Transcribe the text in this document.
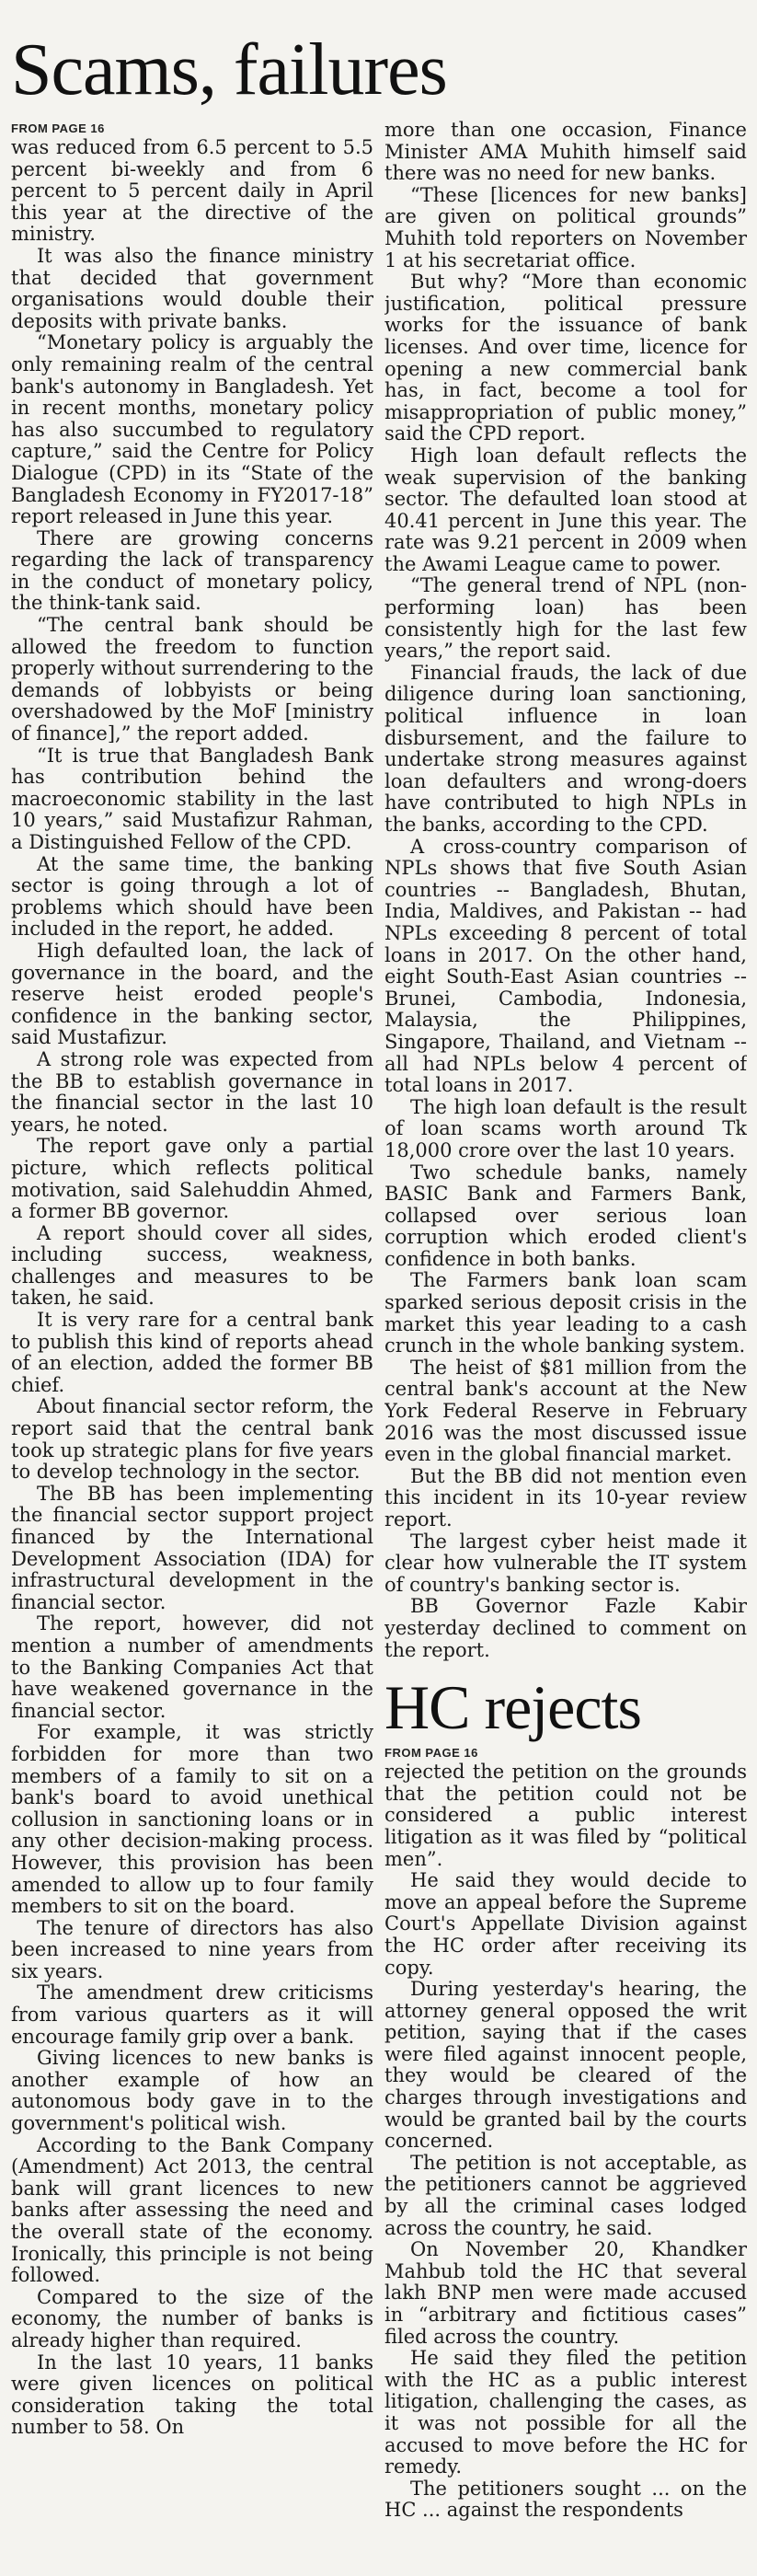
Scams, failures
FROM PAGE 16

was reduced from 6.5 percent to 5.5 percent bi-weekly and from 6 percent to 5 percent daily in April this year at the directive of the ministry.

It was also the finance ministry that decided that government organisations would double their deposits with private banks.

“Monetary policy is arguably the only remaining realm of the central bank's autonomy in Bangladesh. Yet in recent months, monetary policy has also succumbed to regulatory capture,” said the Centre for Policy Dialogue (CPD) in its “State of the Bangladesh Economy in FY2017-18” report released in June this year.

There are growing concerns regarding the lack of transparency in the conduct of monetary policy, the think-tank said.

“The central bank should be allowed the freedom to function properly without surrendering to the demands of lobbyists or being overshadowed by the MoF [ministry of finance],” the report added.

“It is true that Bangladesh Bank has contribution behind the macroeconomic stability in the last 10 years,” said Mustafizur Rahman, a Distinguished Fellow of the CPD.

At the same time, the banking sector is going through a lot of problems which should have been included in the report, he added.

High defaulted loan, the lack of governance in the board, and the reserve heist eroded people's confidence in the banking sector, said Mustafizur.

A strong role was expected from the BB to establish governance in the financial sector in the last 10 years, he noted.

The report gave only a partial picture, which reflects political motivation, said Salehuddin Ahmed, a former BB governor.

A report should cover all sides, including success, weakness, challenges and measures to be taken, he said.

It is very rare for a central bank to publish this kind of reports ahead of an election, added the former BB chief.

About financial sector reform, the report said that the central bank took up strategic plans for five years to develop technology in the sector.

The BB has been implementing the financial sector support project financed by the International Development Association (IDA) for infrastructural development in the financial sector.

The report, however, did not mention a number of amendments to the Banking Companies Act that have weakened governance in the financial sector.

For example, it was strictly forbidden for more than two members of a family to sit on a bank's board to avoid unethical collusion in sanctioning loans or in any other decision-making process. However, this provision has been amended to allow up to four family members to sit on the board.

The tenure of directors has also been increased to nine years from six years.

The amendment drew criticisms from various quarters as it will encourage family grip over a bank.

Giving licences to new banks is another example of how an autonomous body gave in to the government's political wish.

According to the Bank Company (Amendment) Act 2013, the central bank will grant licences to new banks after assessing the need and the overall state of the economy. Ironically, this principle is not being followed.

Compared to the size of the economy, the number of banks is already higher than required.

In the last 10 years, 11 banks were given licences on political consideration taking the total number to 58. On

more than one occasion, Finance Minister AMA Muhith himself said there was no need for new banks.

“These [licences for new banks] are given on political grounds” Muhith told reporters on November 1 at his secretariat office.

But why? “More than economic justification, political pressure works for the issuance of bank licenses. And over time, licence for opening a new commercial bank has, in fact, become a tool for misappropriation of public money,” said the CPD report.

High loan default reflects the weak supervision of the banking sector. The defaulted loan stood at 40.41 percent in June this year. The rate was 9.21 percent in 2009 when the Awami League came to power.

“The general trend of NPL (non-performing loan) has been consistently high for the last few years,” the report said.

Financial frauds, the lack of due diligence during loan sanctioning, political influence in loan disbursement, and the failure to undertake strong measures against loan defaulters and wrong-doers have contributed to high NPLs in the banks, according to the CPD.

A cross-country comparison of NPLs shows that five South Asian countries -- Bangladesh, Bhutan, India, Maldives, and Pakistan -- had NPLs exceeding 8 percent of total loans in 2017. On the other hand, eight South-East Asian countries -- Brunei, Cambodia, Indonesia, Malaysia, the Philippines, Singapore, Thailand, and Vietnam -- all had NPLs below 4 percent of total loans in 2017.

The high loan default is the result of loan scams worth around Tk 18,000 crore over the last 10 years.

Two schedule banks, namely BASIC Bank and Farmers Bank, collapsed over serious loan corruption which eroded client's confidence in both banks.

The Farmers bank loan scam sparked serious deposit crisis in the market this year leading to a cash crunch in the whole banking system.

The heist of $81 million from the central bank's account at the New York Federal Reserve in February 2016 was the most discussed issue even in the global financial market.

But the BB did not mention even this incident in its 10-year review report.

The largest cyber heist made it clear how vulnerable the IT system of country's banking sector is.

BB Governor Fazle Kabir yesterday declined to comment on the report.

HC rejects
FROM PAGE 16

rejected the petition on the grounds that the petition could not be considered a public interest litigation as it was filed by “political men”.

He said they would decide to move an appeal before the Supreme Court's Appellate Division against the HC order after receiving its copy.

During yesterday's hearing, the attorney general opposed the writ petition, saying that if the cases were filed against innocent people, they would be cleared of the charges through investigations and would be granted bail by the courts concerned.

The petition is not acceptable, as the petitioners cannot be aggrieved by all the criminal cases lodged across the country, he said.

On November 20, Khandker Mahbub told the HC that several lakh BNP men were made accused in “arbitrary and fictitious cases” filed across the country.

He said they filed the petition with the HC as a public interest litigation, challenging the cases, as it was not possible for all the accused to move before the HC for remedy.

The petitioners sought ... on the HC ... against the respondents
